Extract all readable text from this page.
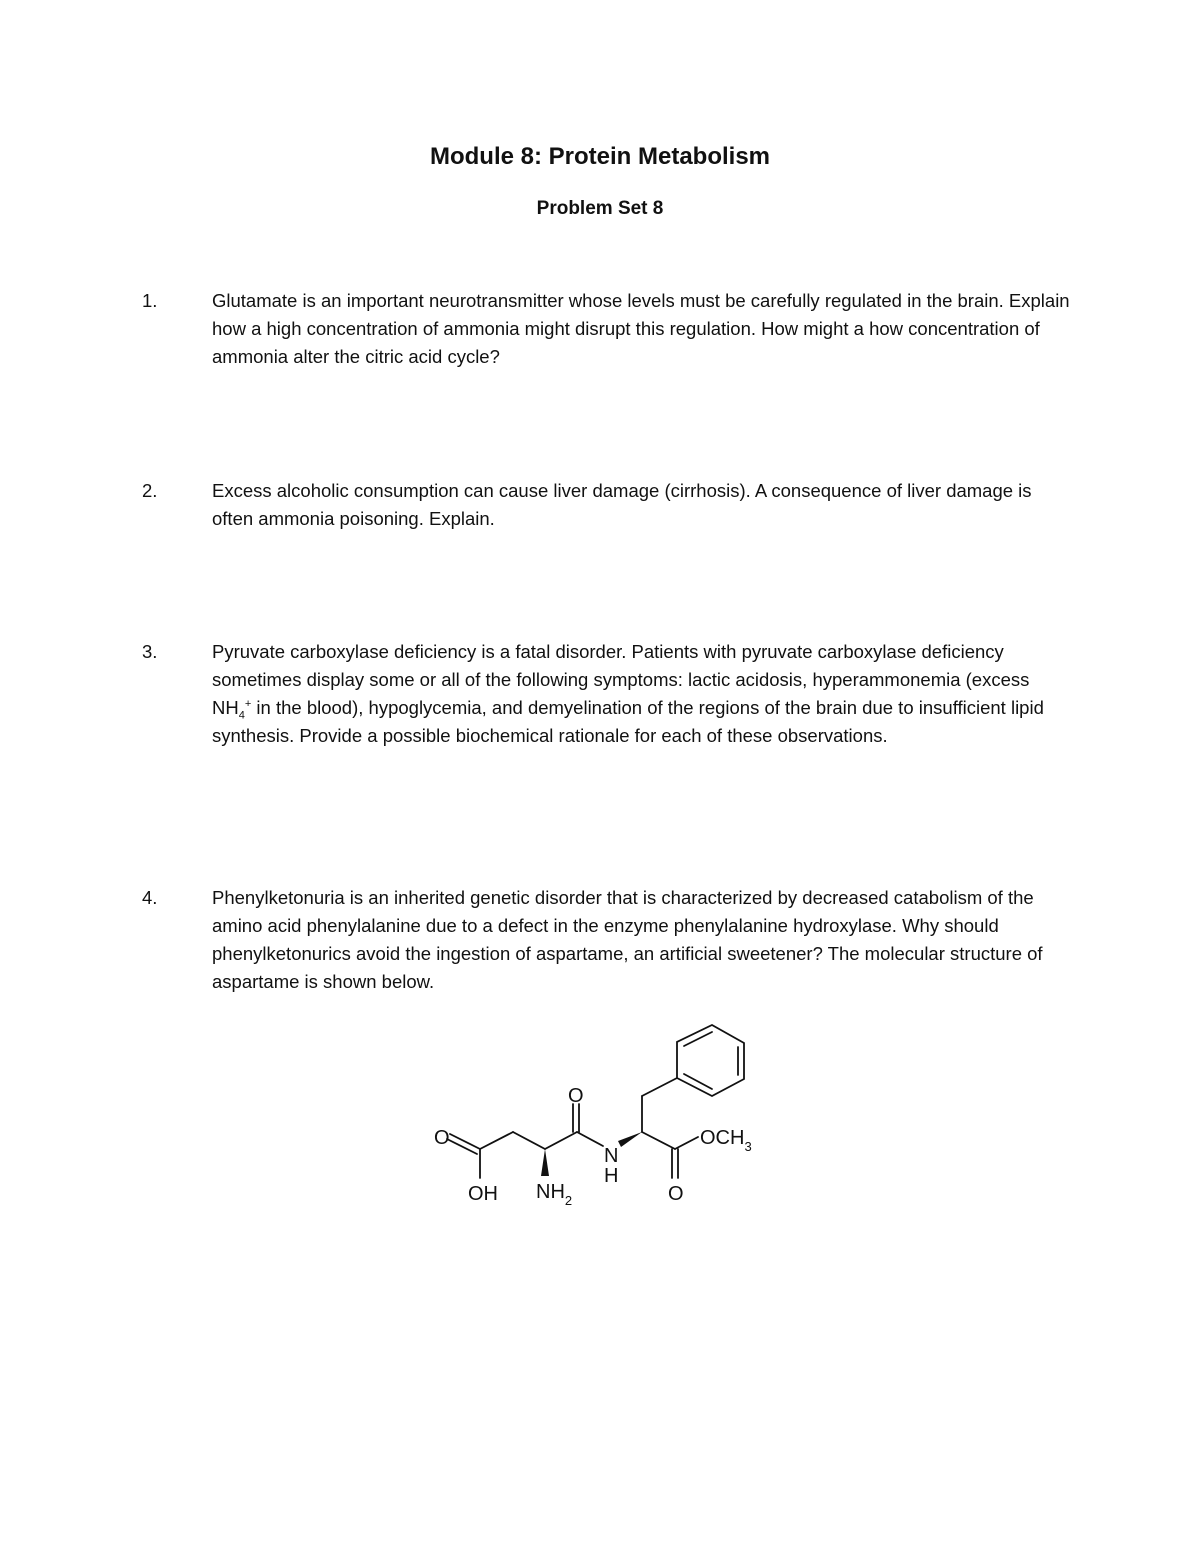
Module 8: Protein Metabolism
Problem Set 8
1.	Glutamate is an important neurotransmitter whose levels must be carefully regulated in the brain. Explain how a high concentration of ammonia might disrupt this regulation. How might a how concentration of ammonia alter the citric acid cycle?
2.	Excess alcoholic consumption can cause liver damage (cirrhosis). A consequence of liver damage is often ammonia poisoning. Explain.
3.	Pyruvate carboxylase deficiency is a fatal disorder. Patients with pyruvate carboxylase deficiency sometimes display some or all of the following symptoms: lactic acidosis, hyperammonemia (excess $NH_4^+$ in the blood), hypoglycemia, and demyelination of the regions of the brain due to insufficient lipid synthesis. Provide a possible biochemical rationale for each of these observations.
4.	Phenylketonuria is an inherited genetic disorder that is characterized by decreased catabolism of the amino acid phenylalanine due to a defect in the enzyme phenylalanine hydroxylase. Why should phenylketonurics avoid the ingestion of aspartame, an artificial sweetener? The molecular structure of aspartame is shown below.
O
OH $NH_2$
O
N
H
$OCH_3$
O
